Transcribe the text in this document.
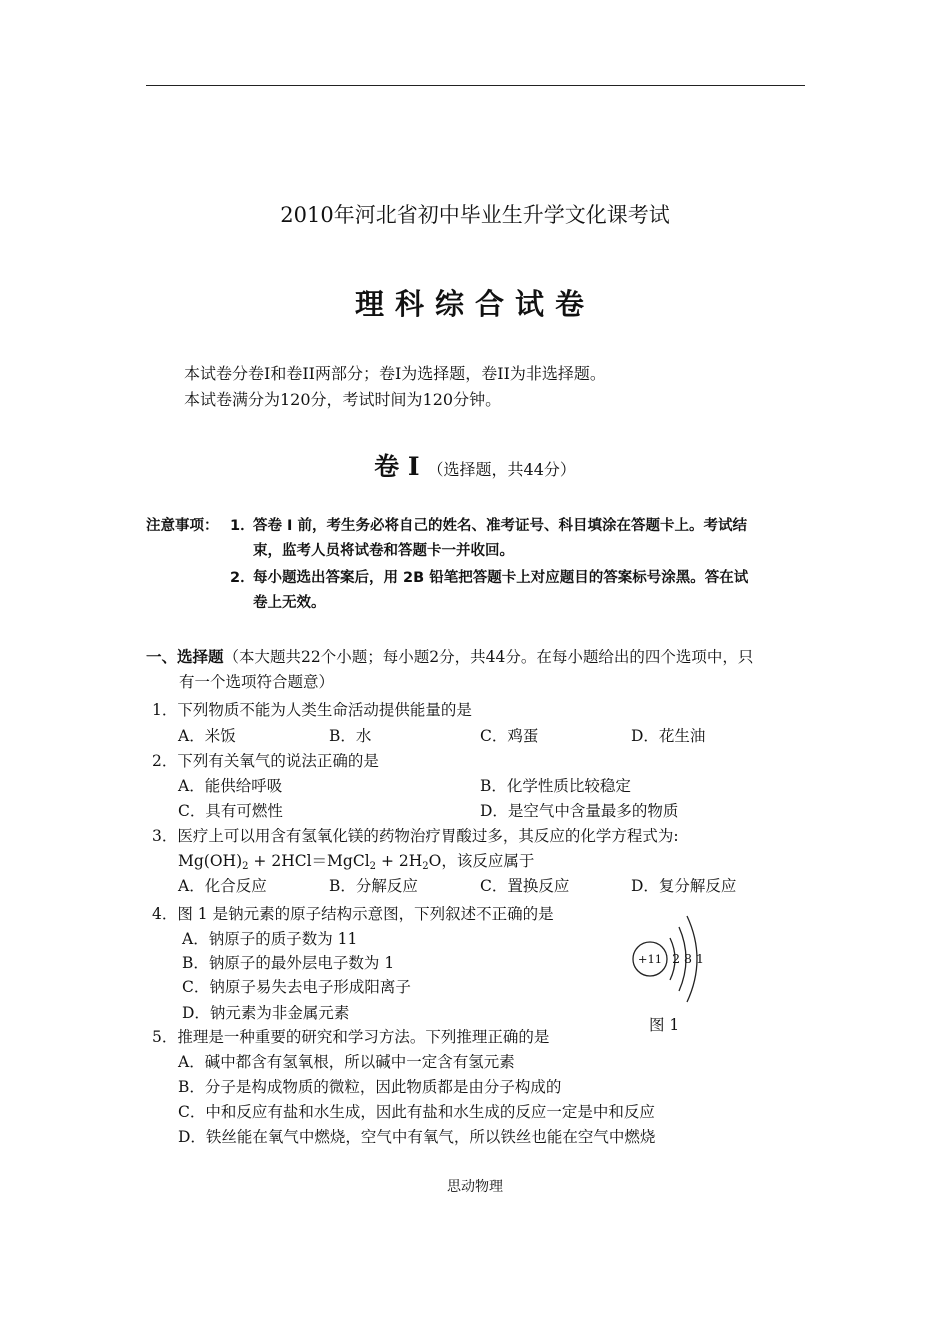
2010年河北省初中毕业生升学文化课考试
理科综合试卷
本试卷分卷I和卷II两部分；卷I为选择题，卷II为非选择题。
本试卷满分为120分，考试时间为120分钟。
卷 I （选择题，共44分）
注意事项： 1．
答卷 I 前，考生务必将自己的姓名、准考证号、科目填涂在答题卡上。考试结
束，监考人员将试卷和答题卡一并收回。
2．
每小题选出答案后，用 2B 铅笔把答题卡上对应题目的答案标号涂黑。答在试
卷上无效。
一、选择题（本大题共22个小题；每小题2分，共44分。在每小题给出的四个选项中，只
有一个选项符合题意）
1．下列物质不能为人类生命活动提供能量的是
A．米饭	B．水	C．鸡蛋	D．花生油
2．下列有关氧气的说法正确的是
A．能供给呼吸	B．化学性质比较稳定
C．具有可燃性	D．是空气中含量最多的物质
3．医疗上可以用含有氢氧化镁的药物治疗胃酸过多，其反应的化学方程式为:
$Mg(OH)_2$ + 2HCl＝MgCl$_2$ + $2H_2O$，该反应属于
A．化合反应	B．分解反应	C．置换反应	D．复分解反应
4．图 1 是钠元素的原子结构示意图，下列叙述不正确的是
A．钠原子的质子数为 11
B．钠原子的最外层电子数为 1
C．钠原子易失去电子形成阳离子
D．钠元素为非金属元素
+11 2 8 1
图 1
5．推理是一种重要的研究和学习方法。下列推理正确的是
A．碱中都含有氢氧根，所以碱中一定含有氢元素
B．分子是构成物质的微粒，因此物质都是由分子构成的
C．中和反应有盐和水生成，因此有盐和水生成的反应一定是中和反应
D．铁丝能在氧气中燃烧，空气中有氧气，所以铁丝也能在空气中燃烧
思动物理
